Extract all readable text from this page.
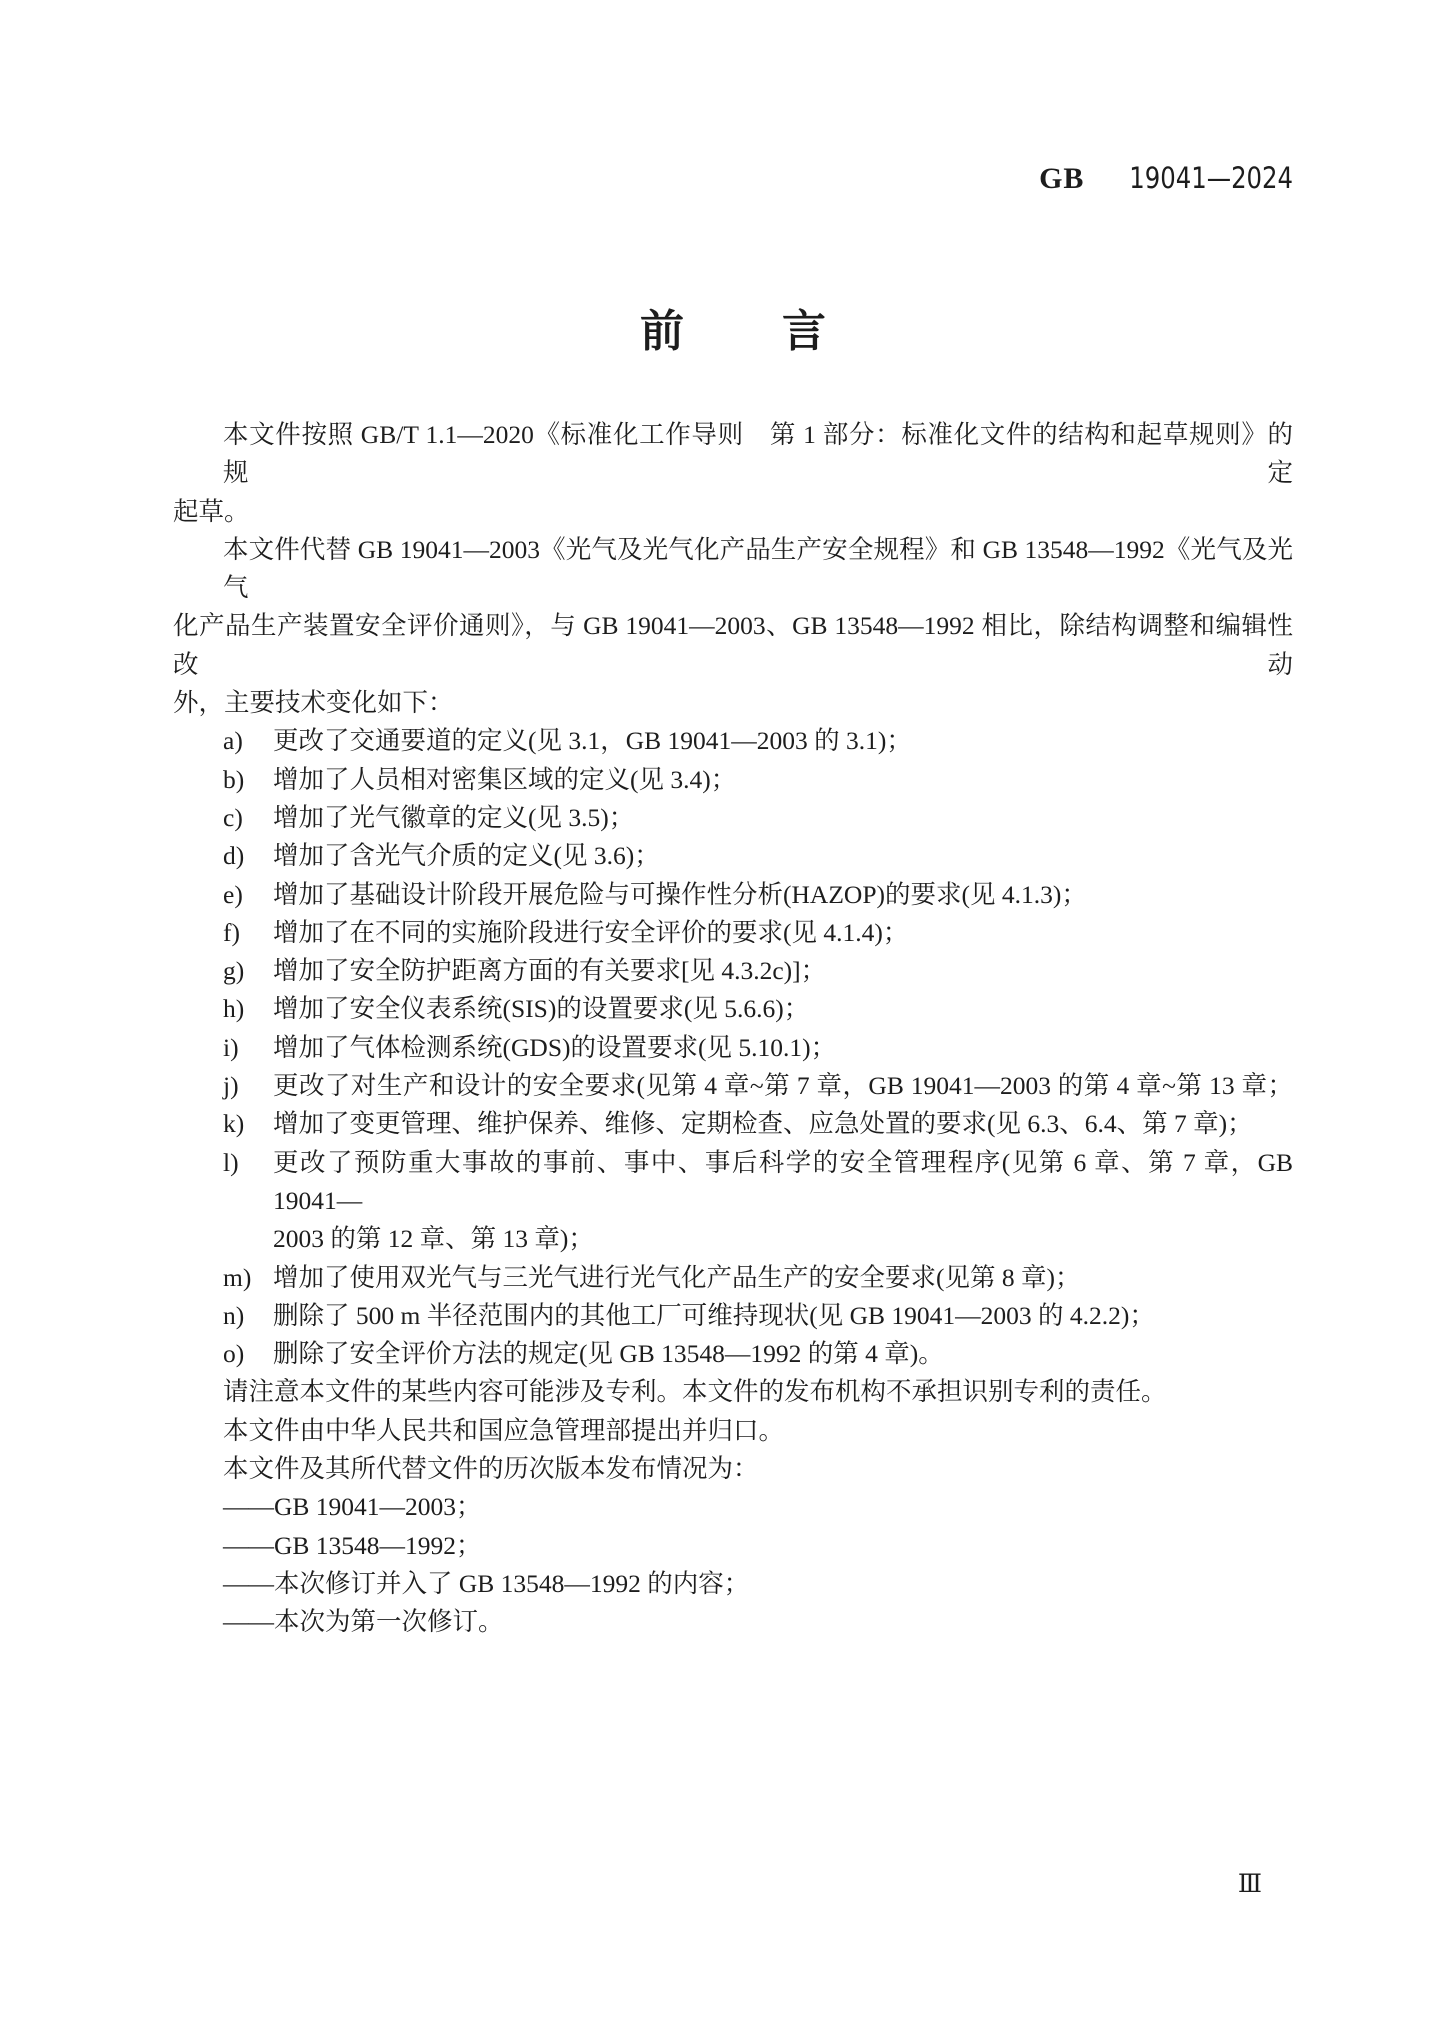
GB 19041—2024
前 言
本文件按照 GB/T 1.1—2020《标准化工作导则　第 1 部分：标准化文件的结构和起草规则》的规定
起草。
本文件代替 GB 19041—2003《光气及光气化产品生产安全规程》和 GB 13548—1992《光气及光气
化产品生产装置安全评价通则》，与 GB 19041—2003、GB 13548—1992 相比，除结构调整和编辑性改动
外，主要技术变化如下：
a)	更改了交通要道的定义(见 3.1，GB 19041—2003 的 3.1)；
b)	增加了人员相对密集区域的定义(见 3.4)；
c)	增加了光气徽章的定义(见 3.5)；
d)	增加了含光气介质的定义(见 3.6)；
e)	增加了基础设计阶段开展危险与可操作性分析(HAZOP)的要求(见 4.1.3)；
f)	增加了在不同的实施阶段进行安全评价的要求(见 4.1.4)；
g)	增加了安全防护距离方面的有关要求[见 4.3.2c)]；
h)	增加了安全仪表系统(SIS)的设置要求(见 5.6.6)；
i)	增加了气体检测系统(GDS)的设置要求(见 5.10.1)；
j)	更改了对生产和设计的安全要求(见第 4 章~第 7 章，GB 19041—2003 的第 4 章~第 13 章；
k)	增加了变更管理、维护保养、维修、定期检查、应急处置的要求(见 6.3、6.4、第 7 章)；
l)	更改了预防重大事故的事前、事中、事后科学的安全管理程序(见第 6 章、第 7 章，GB 19041—
2003 的第 12 章、第 13 章)；
m) 增加了使用双光气与三光气进行光气化产品生产的安全要求(见第 8 章)；
n)	删除了 500 m 半径范围内的其他工厂可维持现状(见 GB 19041—2003 的 4.2.2)；
o)	删除了安全评价方法的规定(见 GB 13548—1992 的第 4 章)。
请注意本文件的某些内容可能涉及专利。本文件的发布机构不承担识别专利的责任。
本文件由中华人民共和国应急管理部提出并归口。
本文件及其所代替文件的历次版本发布情况为：
——GB 19041—2003；
——GB 13548—1992；
——本次修订并入了 GB 13548—1992 的内容；
——本次为第一次修订。
Ⅲ
